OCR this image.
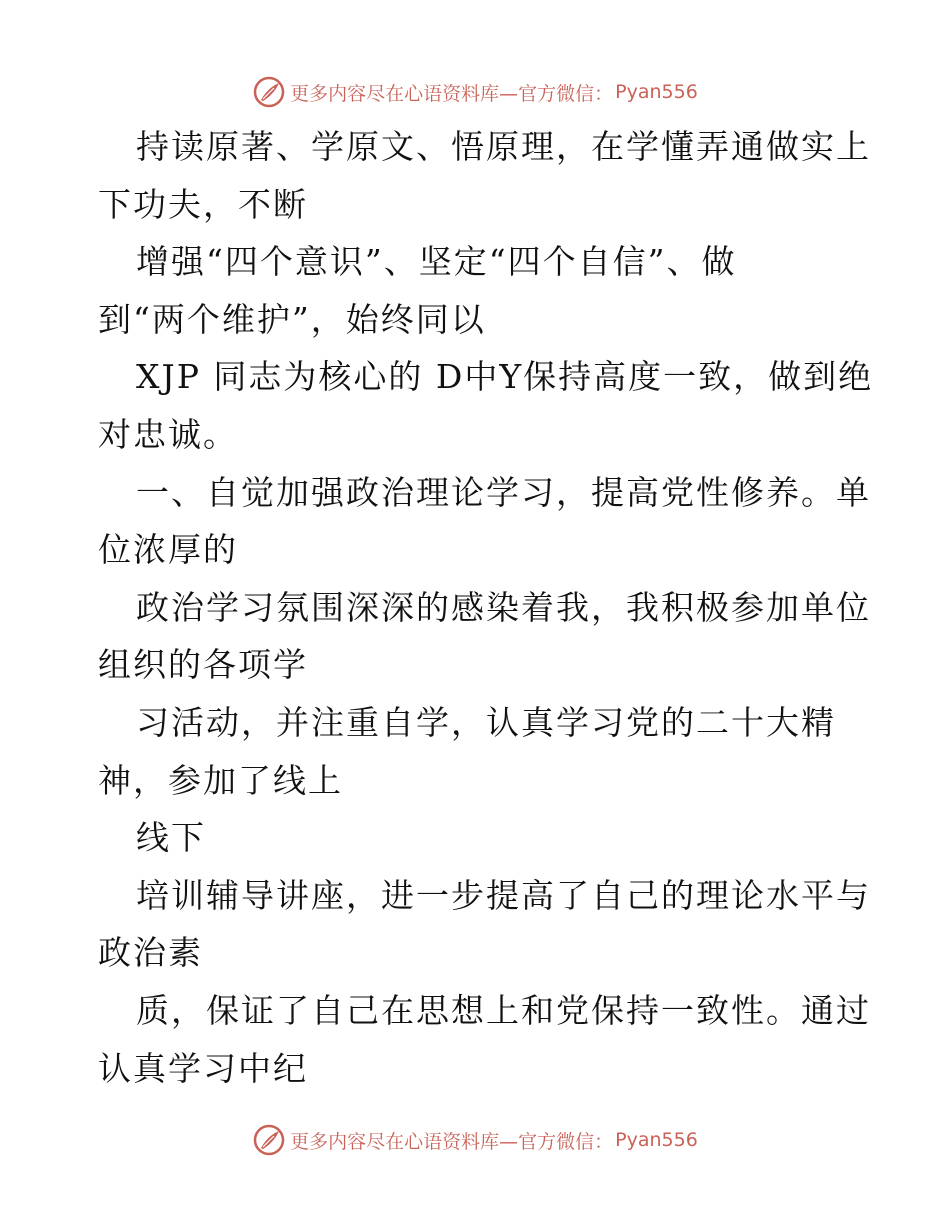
更多内容尽在心语资料库—官方微信： Pyan556
持读原著、学原文、悟原理，在学懂弄通做实上
下功夫，不断
增强“四个意识”、坚定“四个自信”、做
到“两个维护”，始终同以
XJP 同志为核心的 D中Y保持高度一致，做到绝
对忠诚。
一、自觉加强政治理论学习，提高党性修养。单
位浓厚的
政治学习氛围深深的感染着我，我积极参加单位
组织的各项学
习活动，并注重自学，认真学习党的二十大精
神，参加了线上
线下
培训辅导讲座，进一步提高了自己的理论水平与
政治素
质，保证了自己在思想上和党保持一致性。通过
认真学习中纪
更多内容尽在心语资料库—官方微信： Pyan556
